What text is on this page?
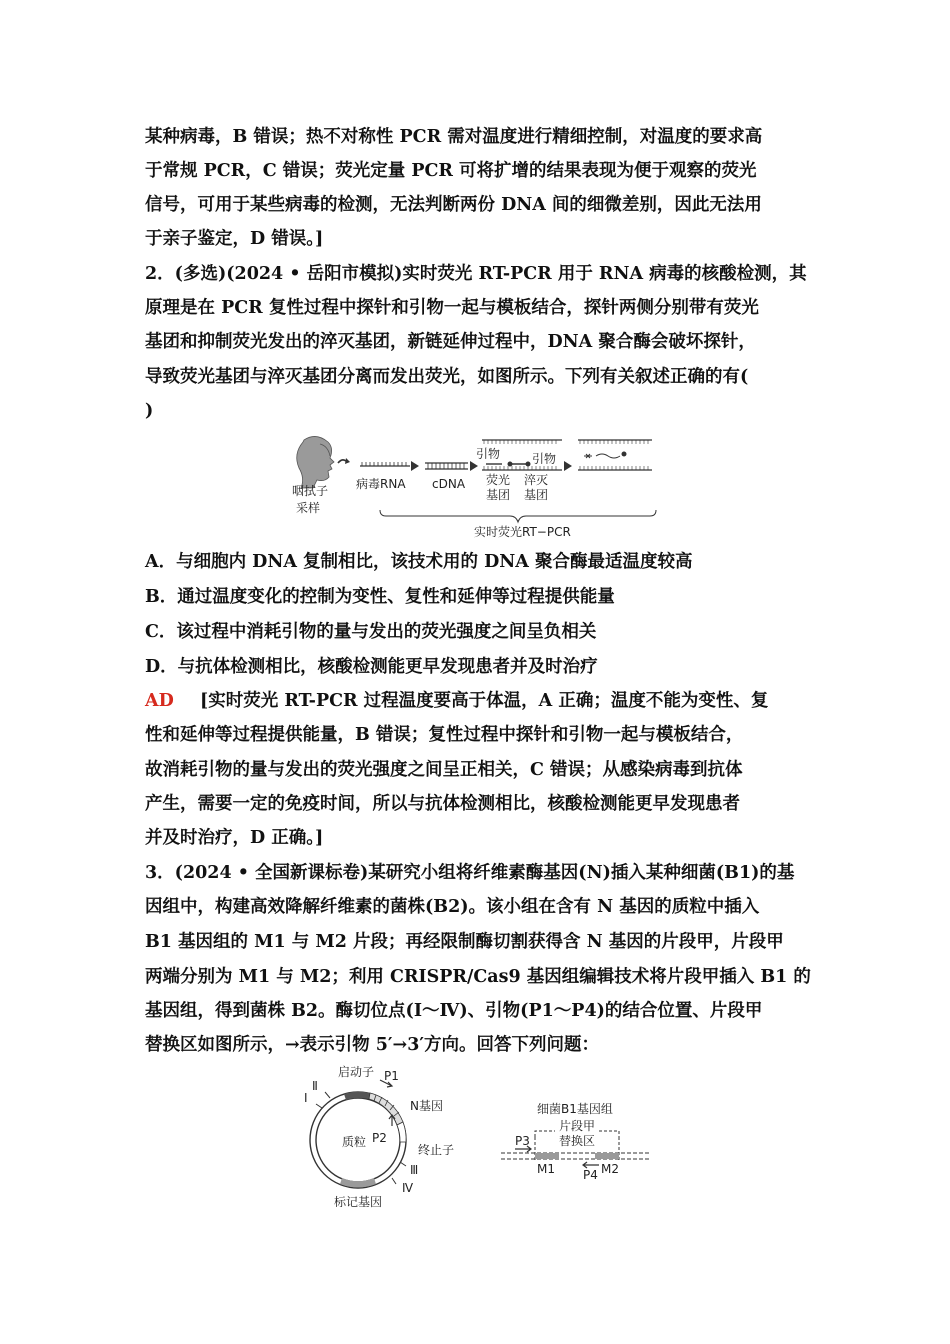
某种病毒，B 错误；热不对称性 PCR 需对温度进行精细控制，对温度的要求高
于常规 PCR，C 错误；荧光定量 PCR 可将扩增的结果表现为便于观察的荧光
信号，可用于某些病毒的检测，无法判断两份 DNA 间的细微差别，因此无法用
于亲子鉴定，D 错误。]
2．(多选)(2024 • 岳阳市模拟)实时荧光 RT-PCR 用于 RNA 病毒的核酸检测，其
原理是在 PCR 复性过程中探针和引物一起与模板结合，探针两侧分别带有荧光
基团和抑制荧光发出的淬灭基团，新链延伸过程中，DNA 聚合酶会破坏探针，
导致荧光基团与淬灭基团分离而发出荧光，如图所示。下列有关叙述正确的有(
)
咽拭子
采样
病毒RNA cDNA
引物	引物
荧光
基团
淬灭
基团
实时荧光RT−PCR
A．与细胞内 DNA 复制相比，该技术用的 DNA 聚合酶最适温度较高
B．通过温度变化的控制为变性、复性和延伸等过程提供能量
C．该过程中消耗引物的量与发出的荧光强度之间呈负相关
D．与抗体检测相比，核酸检测能更早发现患者并及时治疗
AD [实时荧光 RT-PCR 过程温度要高于体温，A 正确；温度不能为变性、复
性和延伸等过程提供能量，B 错误；复性过程中探针和引物一起与模板结合，
故消耗引物的量与发出的荧光强度之间呈正相关，C 错误；从感染病毒到抗体
产生，需要一定的免疫时间，所以与抗体检测相比，核酸检测能更早发现患者
并及时治疗，D 正确。]
3．(2024 • 全国新课标卷)某研究小组将纤维素酶基因(N)插入某种细菌(B1)的基
因组中，构建高效降解纤维素的菌株(B2)。该小组在含有 N 基因的质粒中插入
B1 基因组的 M1 与 M2 片段；再经限制酶切割获得含 N 基因的片段甲，片段甲
两端分别为 M1 与 M2；利用 CRISPR/Cas9 基因组编辑技术将片段甲插入 B1 的
基因组，得到菌株 B2。酶切位点(Ⅰ～Ⅳ)、引物(P1～P4)的结合位置、片段甲
替换区如图所示，→表示引物 5′→3′方向。回答下列问题：
启动子
Ⅰ
Ⅱ
P1
N基因
质粒 P2
终止子
Ⅲ
Ⅳ
标记基因
细菌B1基因组
片段甲
替换区
P3
P4
M1	M2
